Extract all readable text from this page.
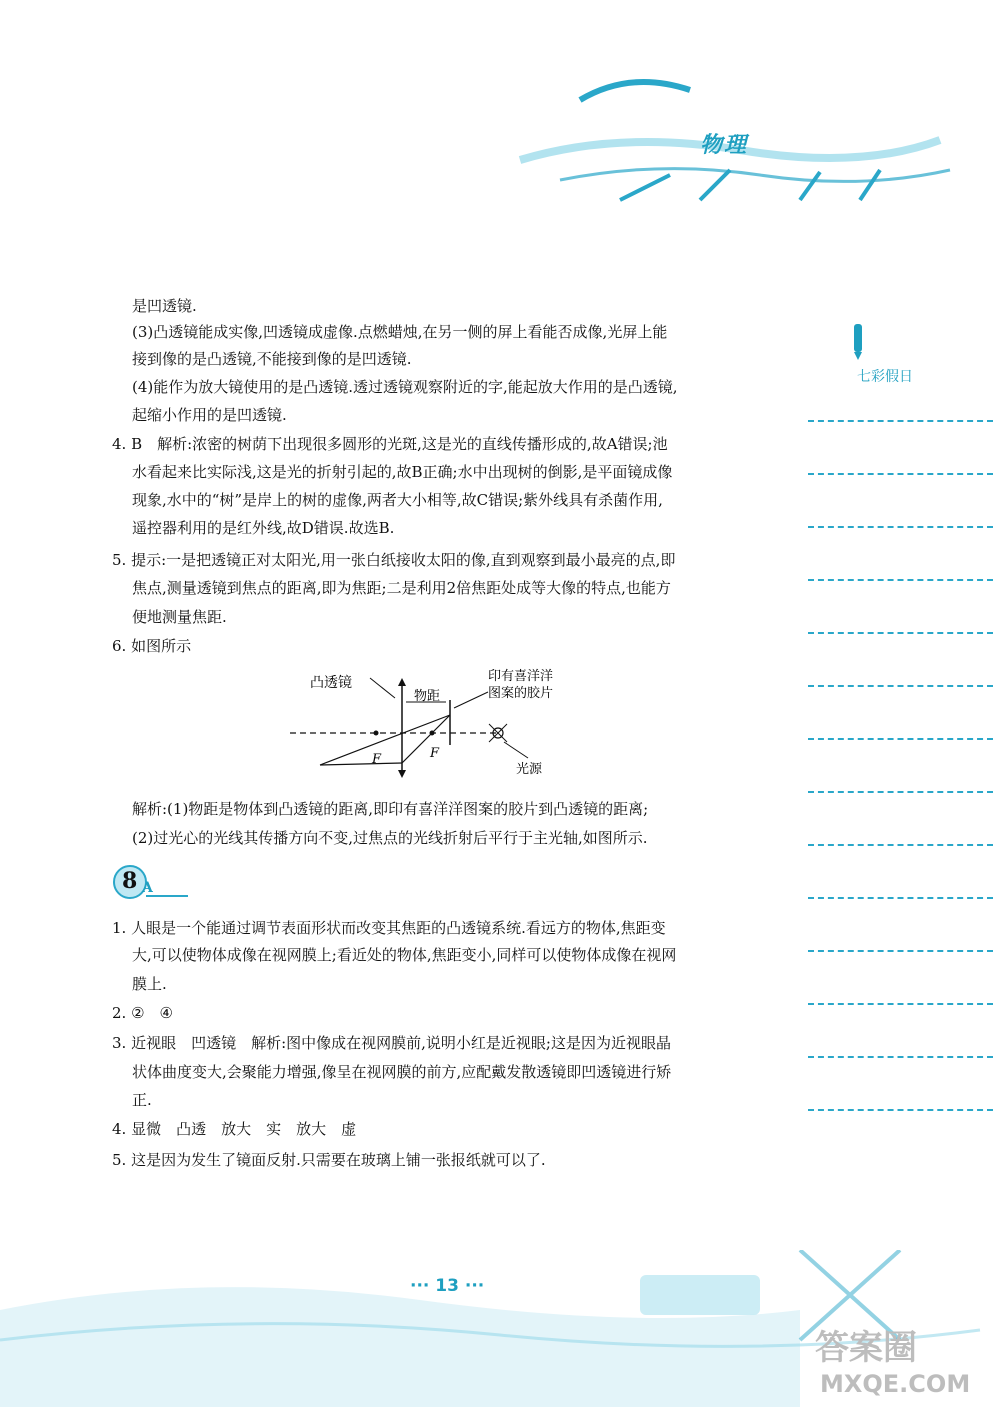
物理
七彩假日
是凹透镜.
(3)凸透镜能成实像,凹透镜成虚像.点燃蜡烛,在另一侧的屏上看能否成像,光屏上能
接到像的是凸透镜,不能接到像的是凹透镜.
(4)能作为放大镜使用的是凸透镜.透过透镜观察附近的字,能起放大作用的是凸透镜,
起缩小作用的是凹透镜.
4. B　解析:浓密的树荫下出现很多圆形的光斑,这是光的直线传播形成的,故A错误;池
水看起来比实际浅,这是光的折射引起的,故B正确;水中出现树的倒影,是平面镜成像
现象,水中的“树”是岸上的树的虚像,两者大小相等,故C错误;紫外线具有杀菌作用,
遥控器利用的是红外线,故D错误.故选B.
5. 提示:一是把透镜正对太阳光,用一张白纸接收太阳的像,直到观察到最小最亮的点,即
焦点,测量透镜到焦点的距离,即为焦距;二是利用2倍焦距处成等大像的特点,也能方
便地测量焦距.
6. 如图所示
凸透镜
物距
印有喜洋洋
图案的胶片
F	F
光源
解析:(1)物距是物体到凸透镜的距离,即印有喜洋洋图案的胶片到凸透镜的距离;
(2)过光心的光线其传播方向不变,过焦点的光线折射后平行于主光轴,如图所示.
8 A
1. 人眼是一个能通过调节表面形状而改变其焦距的凸透镜系统.看远方的物体,焦距变
大,可以使物体成像在视网膜上;看近处的物体,焦距变小,同样可以使物体成像在视网
膜上.
2. ②　④
3. 近视眼　凹透镜　解析:图中像成在视网膜前,说明小红是近视眼;这是因为近视眼晶
状体曲度变大,会聚能力增强,像呈在视网膜的前方,应配戴发散透镜即凹透镜进行矫
正.
4. 显微　凸透　放大　实　放大　虚
5. 这是因为发生了镜面反射.只需要在玻璃上铺一张报纸就可以了.
··· 13 ···
答案圈
MXQE.COM
